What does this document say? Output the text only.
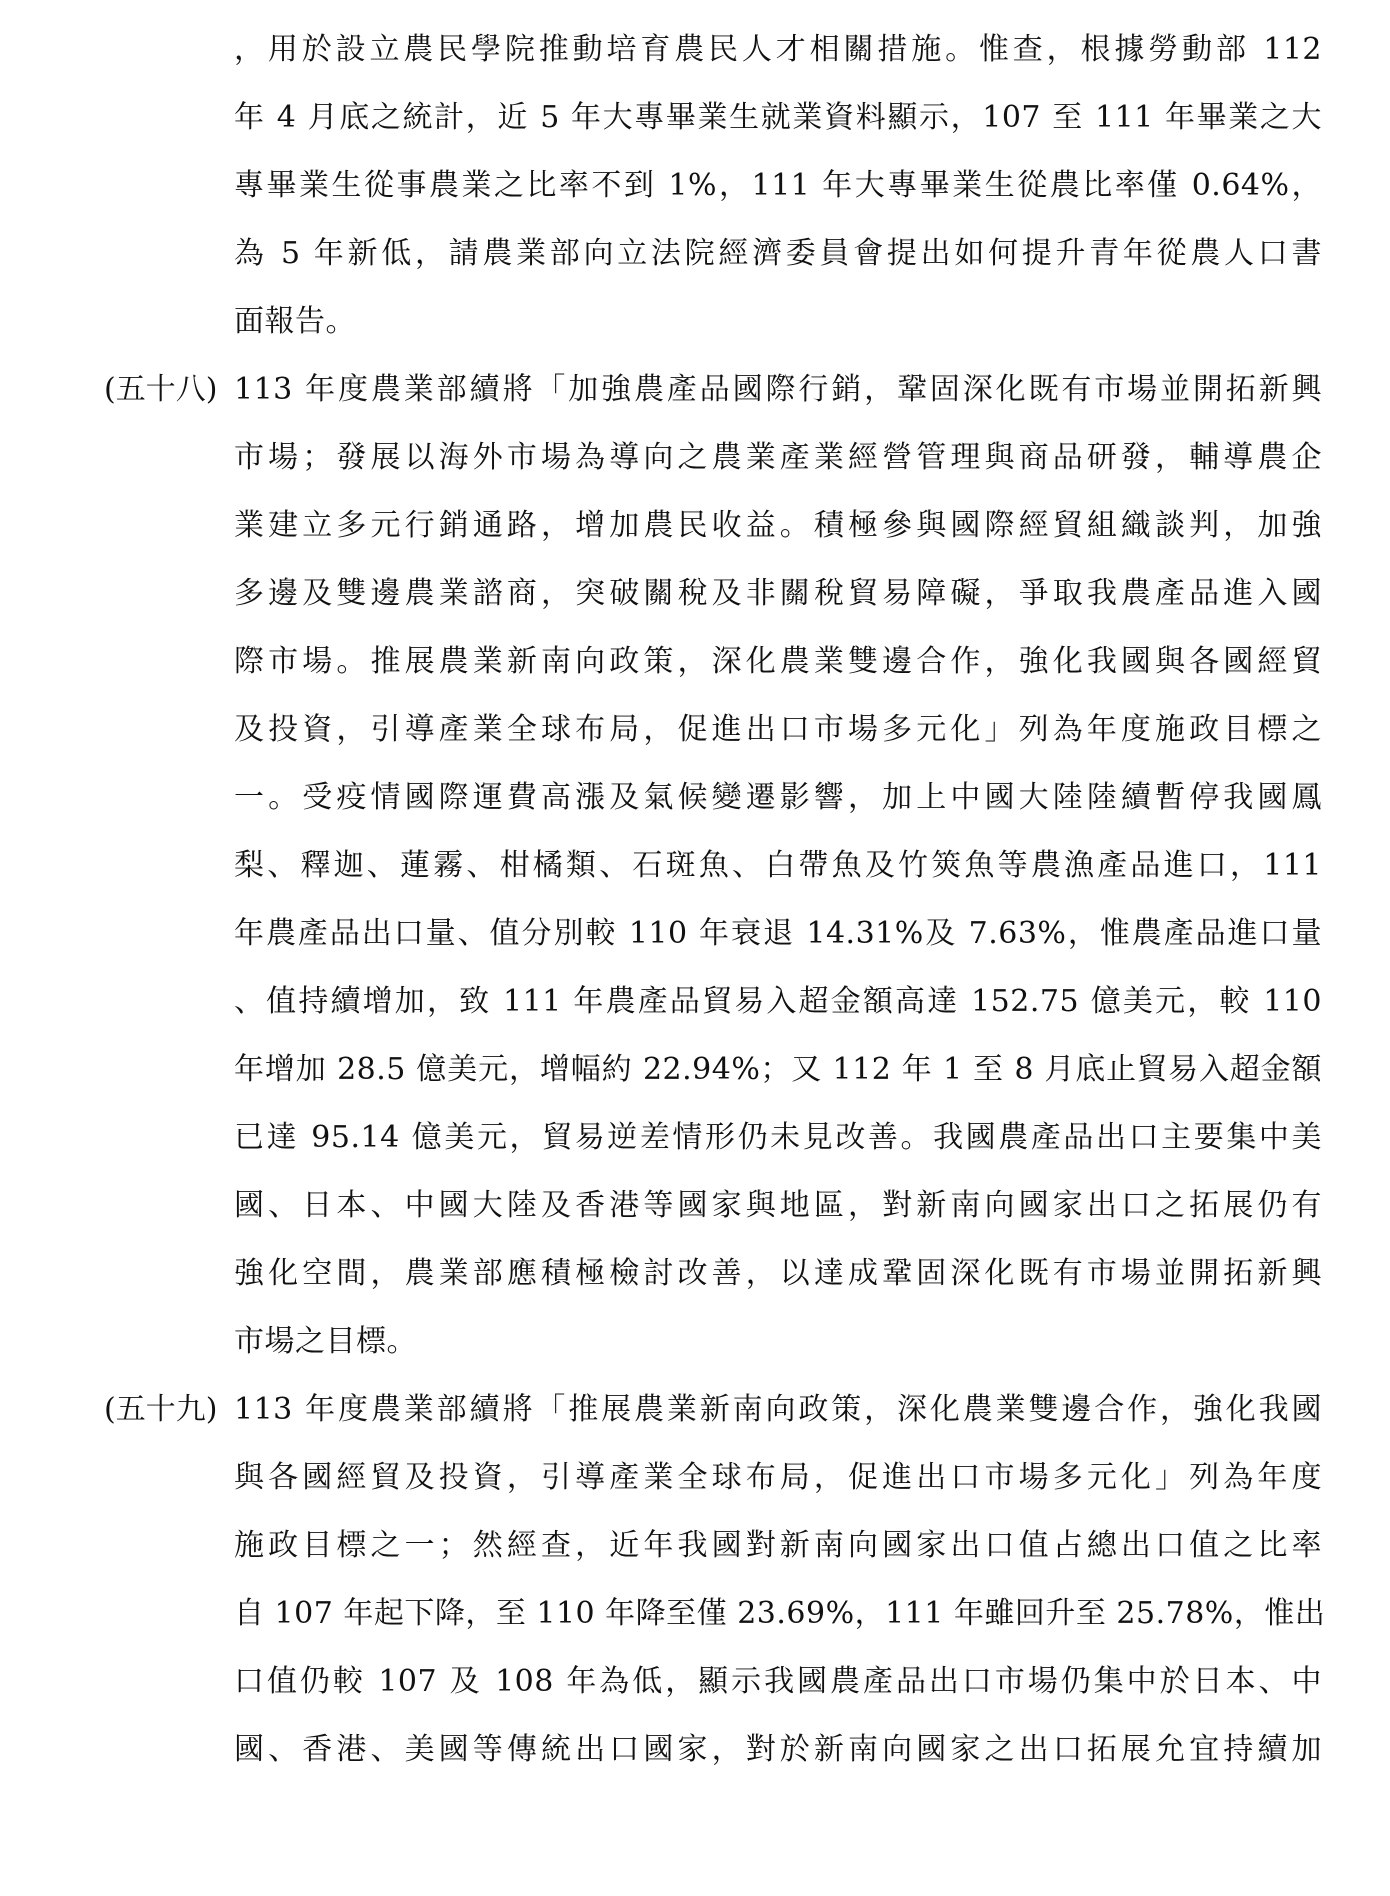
，用於設立農民學院推動培育農民人才相關措施。惟查，根據勞動部 112
年 4 月底之統計，近 5 年大專畢業生就業資料顯示，107 至 111 年畢業之大
專畢業生從事農業之比率不到 1%，111 年大專畢業生從農比率僅 0.64%，
為 5 年新低，請農業部向立法院經濟委員會提出如何提升青年從農人口書
面報告。
(五十八) 113 年度農業部續將「加強農產品國際行銷，鞏固深化既有市場並開拓新興
市場；發展以海外市場為導向之農業產業經營管理與商品研發，輔導農企
業建立多元行銷通路，增加農民收益。積極參與國際經貿組織談判，加強
多邊及雙邊農業諮商，突破關稅及非關稅貿易障礙，爭取我農產品進入國
際市場。推展農業新南向政策，深化農業雙邊合作，強化我國與各國經貿
及投資，引導產業全球布局，促進出口市場多元化」列為年度施政目標之
一。受疫情國際運費高漲及氣候變遷影響，加上中國大陸陸續暫停我國鳳
梨、釋迦、蓮霧、柑橘類、石斑魚、白帶魚及竹筴魚等農漁產品進口，111
年農產品出口量、值分別較 110 年衰退 14.31%及 7.63%，惟農產品進口量
、值持續增加，致 111 年農產品貿易入超金額高達 152.75 億美元，較 110
年增加 28.5 億美元，增幅約 22.94%；又 112 年 1 至 8 月底止貿易入超金額
已達 95.14 億美元，貿易逆差情形仍未見改善。我國農產品出口主要集中美
國、日本、中國大陸及香港等國家與地區，對新南向國家出口之拓展仍有
強化空間，農業部應積極檢討改善，以達成鞏固深化既有市場並開拓新興
市場之目標。
(五十九) 113 年度農業部續將「推展農業新南向政策，深化農業雙邊合作，強化我國
與各國經貿及投資，引導產業全球布局，促進出口市場多元化」列為年度
施政目標之一；然經查，近年我國對新南向國家出口值占總出口值之比率
自 107 年起下降，至 110 年降至僅 23.69%，111 年雖回升至 25.78%，惟出
口值仍較 107 及 108 年為低，顯示我國農產品出口市場仍集中於日本、中
國、香港、美國等傳統出口國家，對於新南向國家之出口拓展允宜持續加
